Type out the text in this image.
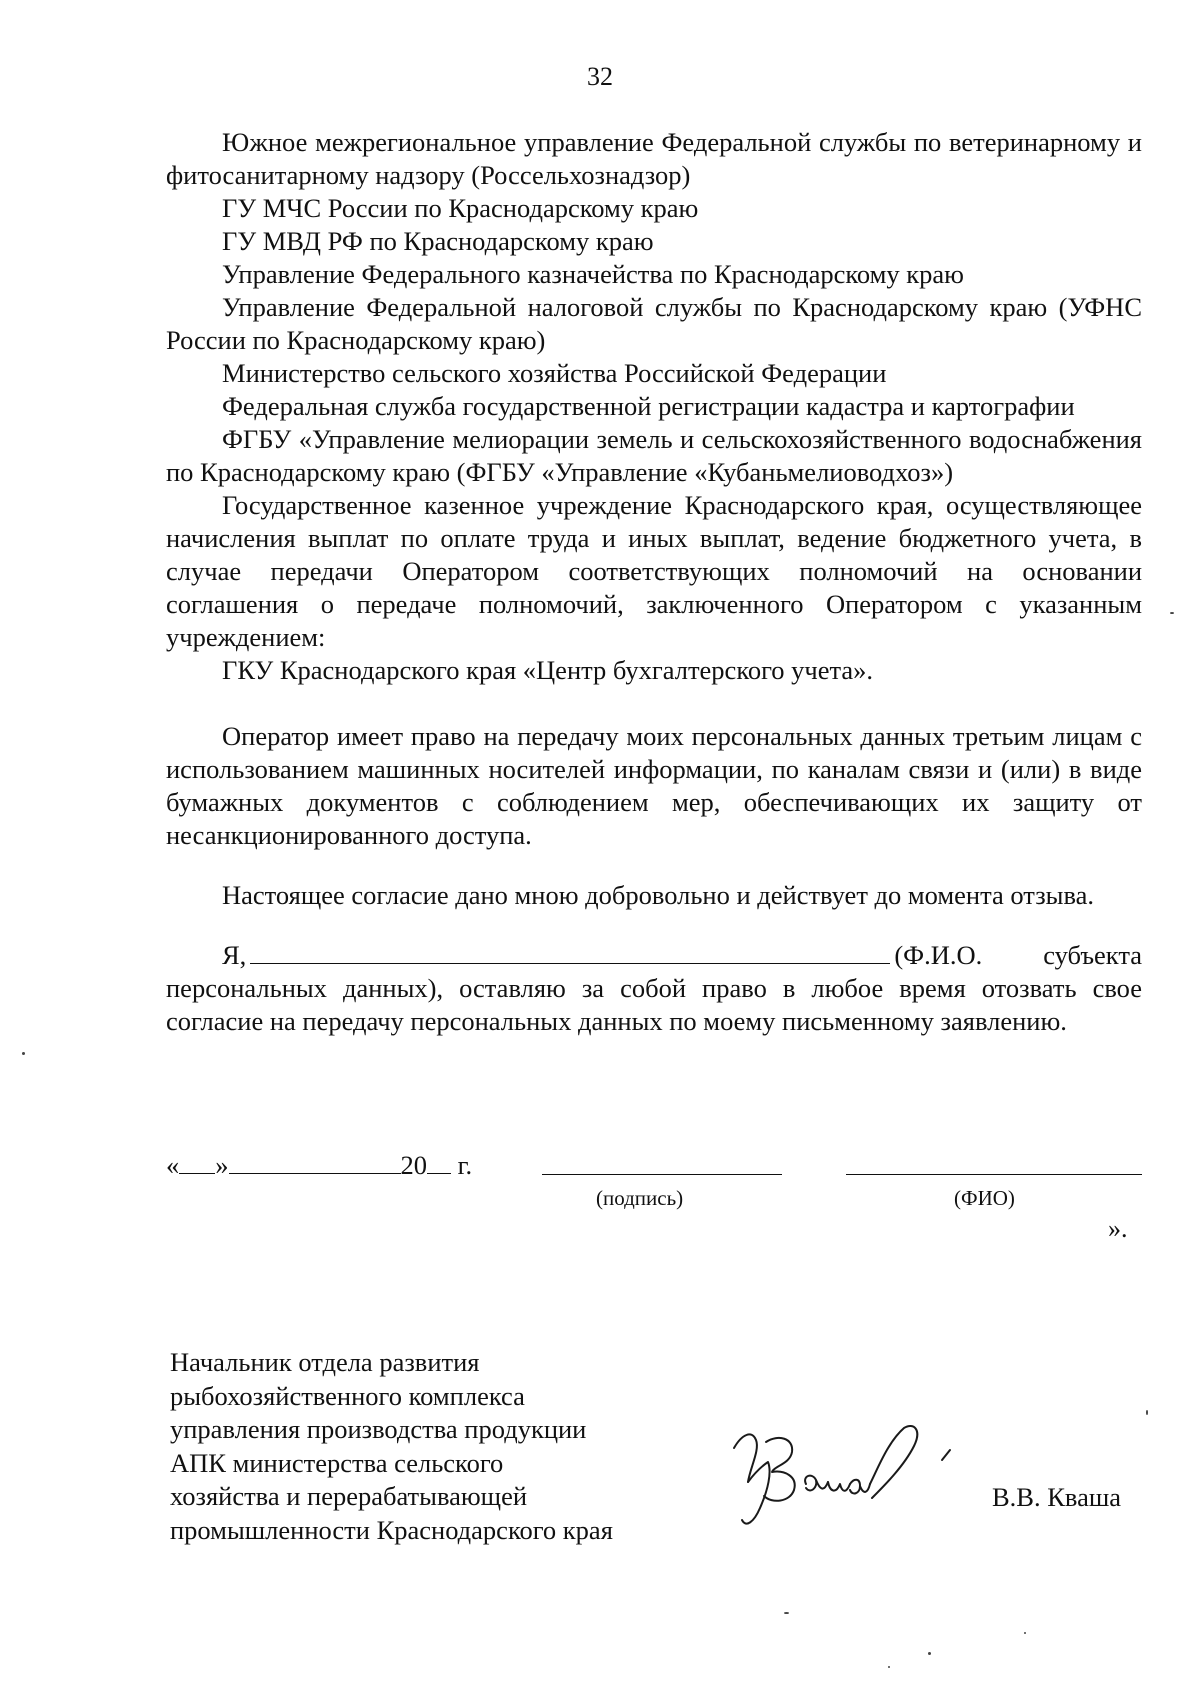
32

Южное межрегиональное управление Федеральной службы по ветеринарному и фитосанитарному надзору (Россельхознадзор)

ГУ МЧС России по Краснодарскому краю

ГУ МВД РФ по Краснодарскому краю

Управление Федерального казначейства по Краснодарскому краю

Управление Федеральной налоговой службы по Краснодарскому краю (УФНС России по Краснодарскому краю)

Министерство сельского хозяйства Российской Федерации

Федеральная служба государственной регистрации кадастра и картографии

ФГБУ «Управление мелиорации земель и сельскохозяйственного водоснабжения по Краснодарскому краю (ФГБУ «Управление «Кубаньмелиоводхоз»)

Государственное казенное учреждение Краснодарского края, осуществляющее начисления выплат по оплате труда и иных выплат, ведение бюджетного учета, в случае передачи Оператором соответствующих полномочий на основании соглашения о передаче полномочий, заключенного Оператором с указанным учреждением:

ГКУ Краснодарского края «Центр бухгалтерского учета».

Оператор имеет право на передачу моих персональных данных третьим лицам с использованием машинных носителей информации, по каналам связи и (или) в виде бумажных документов с соблюдением мер, обеспечивающих их защиту от несанкционированного доступа.

Настоящее согласие дано мною добровольно и действует до момента отзыва.

Я,	(Ф.И.О. субъекта персональных данных), оставляю за собой право в любое время отозвать свое согласие на передачу персональных данных по моему письменному заявлению.

« »	20 г.
(подпись)	(ФИО)
».
Начальник отдела развития
рыбохозяйственного комплекса
управления производства продукции
АПК министерства сельского
хозяйства и перерабатывающей
промышленности Краснодарского края
В.В. Кваша
